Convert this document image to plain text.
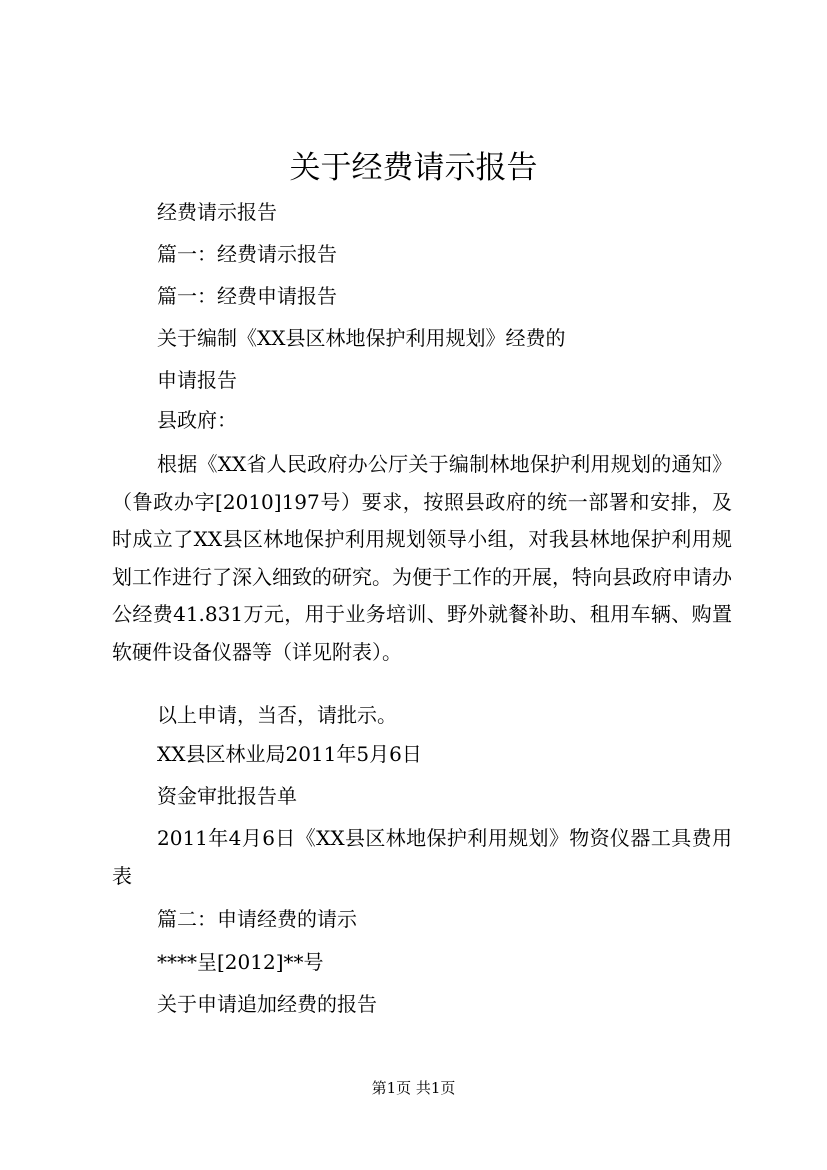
关于经费请示报告

经费请示报告

篇一：经费请示报告

篇一：经费申请报告

关于编制《XX县区林地保护利用规划》经费的

申请报告

县政府：

根据《XX省人民政府办公厅关于编制林地保护利用规划的通知》（鲁政办字[2010]197号）要求，按照县政府的统一部署和安排，及时成立了XX县区林地保护利用规划领导小组，对我县林地保护利用规划工作进行了深入细致的研究。为便于工作的开展，特向县政府申请办公经费41.831万元，用于业务培训、野外就餐补助、租用车辆、购置软硬件设备仪器等（详见附表）。

以上申请，当否，请批示。

XX县区林业局2011年5月6日

资金审批报告单

2011年4月6日《XX县区林地保护利用规划》物资仪器工具费用表

篇二：申请经费的请示

****呈[2012]**号

关于申请追加经费的报告

第1页 共1页
